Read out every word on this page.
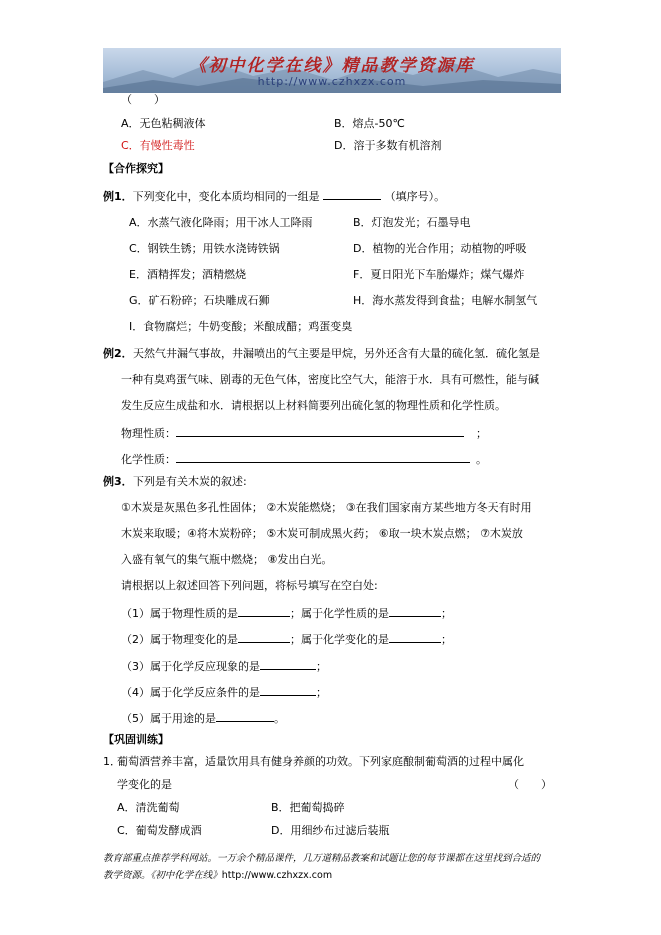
《初中化学在线》精品教学资源库
http://www.czhxzx.com
（　　）
A．无色粘稠液体	B．熔点-50℃
C．有慢性毒性	D．溶于多数有机溶剂
【合作探究】
例1．下列变化中，变化本质均相同的一组是	（填序号）。
A．水蒸气液化降雨；用干冰人工降雨	B．灯泡发光；石墨导电
C．钢铁生锈；用铁水浇铸铁锅	D．植物的光合作用；动植物的呼吸
E．酒精挥发；酒精燃烧	F．夏日阳光下车胎爆炸；煤气爆炸
G．矿石粉碎；石块雕成石狮	H．海水蒸发得到食盐；电解水制氢气
I．食物腐烂；牛奶变酸；米酿成醋；鸡蛋变臭
例2． 天然气井漏气事故，井漏喷出的气主要是甲烷，另外还含有大量的硫化氢．硫化氢是
一种有臭鸡蛋气味、剧毒的无色气体，密度比空气大，能溶于水．具有可燃性，能与碱
发生反应生成盐和水．请根据以上材料简要列出硫化氢的物理性质和化学性质。
物理性质：	；
化学性质：	。
例3． 下列是有关木炭的叙述:
①木炭是灰黑色多孔性固体； ②木炭能燃烧； ③在我们国家南方某些地方冬天有时用
木炭来取暖；④将木炭粉碎； ⑤木炭可制成黑火药； ⑥取一块木炭点燃； ⑦木炭放
入盛有氧气的集气瓶中燃烧； ⑧发出白光。
请根据以上叙述回答下列问题，将标号填写在空白处:
（1）属于物理性质的是	；属于化学性质的是	；
（2）属于物理变化的是	；属于化学变化的是	；
（3）属于化学反应现象的是	；
（4）属于化学反应条件的是	；
（5）属于用途的是	。
【巩固训练】
1．
葡萄酒营养丰富，适量饮用具有健身养颜的功效。下列家庭酿制葡萄酒的过程中属化
学变化的是	（　　）
A．清洗葡萄	B．把葡萄捣碎
C．葡萄发酵成酒	D．用细纱布过滤后装瓶
教育部重点推荐学科网站。一万余个精品课件，几万道精品教案和试题让您的每节课都在这里找到合适的
教学资源。《初中化学在线》http://www.czhxzx.com
